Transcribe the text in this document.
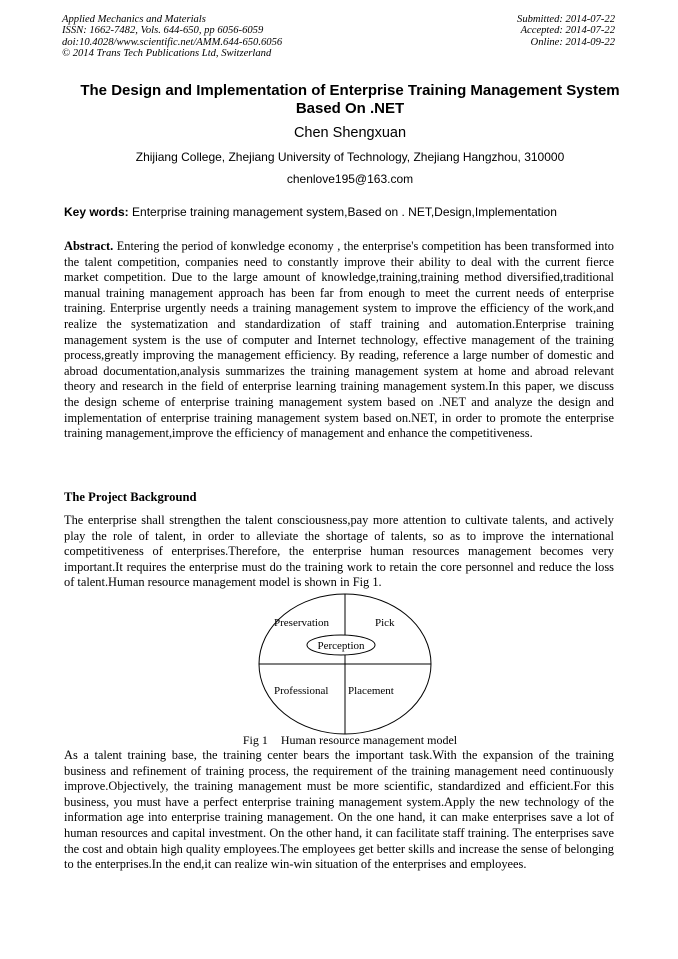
Applied Mechanics and Materials
ISSN: 1662-7482, Vols. 644-650, pp 6056-6059
doi:10.4028/www.scientific.net/AMM.644-650.6056
© 2014 Trans Tech Publications Ltd, Switzerland
Submitted: 2014-07-22
Accepted: 2014-07-22
Online: 2014-09-22
The Design and Implementation of Enterprise Training Management System Based On .NET
Chen Shengxuan
Zhijiang College, Zhejiang University of Technology, Zhejiang Hangzhou, 310000
chenlove195@163.com
Key words: Enterprise training management system,Based on . NET,Design,Implementation
Abstract. Entering the period of konwledge economy , the enterprise's competition has been transformed into the talent competition, companies need to constantly improve their ability to deal with the current fierce market competition. Due to the large amount of knowledge,training,training method diversified,traditional manual training management approach has been far from enough to meet the current needs of enterprise training. Enterprise urgently needs a training management system to improve the efficiency of the work,and realize the systematization and standardization of staff training and automation.Enterprise training management system is the use of computer and Internet technology, effective management of the training process,greatly improving the management efficiency. By reading, reference a large number of domestic and abroad documentation,analysis summarizes the training management system at home and abroad relevant theory and research in the field of enterprise learning training management system.In this paper, we discuss the design scheme of enterprise training management system based on .NET and analyze the design and implementation of enterprise training management system based on.NET, in order to promote the enterprise training management,improve the efficiency of management and enhance the competitiveness.
The Project Background
The enterprise shall strengthen the talent consciousness,pay more attention to cultivate talents, and actively play the role of talent, in order to alleviate the shortage of talents, so as to improve the international competitiveness of enterprises.Therefore, the enterprise human resources management becomes very important.It requires the enterprise must do the training work to retain the core personnel and reduce the loss of talent.Human resource management model is shown in Fig 1.
Preservation	Pick
Perception
Professional Placement
Fig 1 Human resource management model
As a talent training base, the training center bears the important task.With the expansion of the training business and refinement of training process, the requirement of the training management need continuously improve.Objectively, the training management must be more scientific, standardized and efficient.For this business, you must have a perfect enterprise training management system.Apply the new technology of the information age into enterprise training management. On the one hand, it can make enterprises save a lot of human resources and capital investment. On the other hand, it can facilitate staff training. The enterprises save the cost and obtain high quality employees.The employees get better skills and increase the sense of belonging to the enterprises.In the end,it can realize win-win situation of the enterprises and employees.
